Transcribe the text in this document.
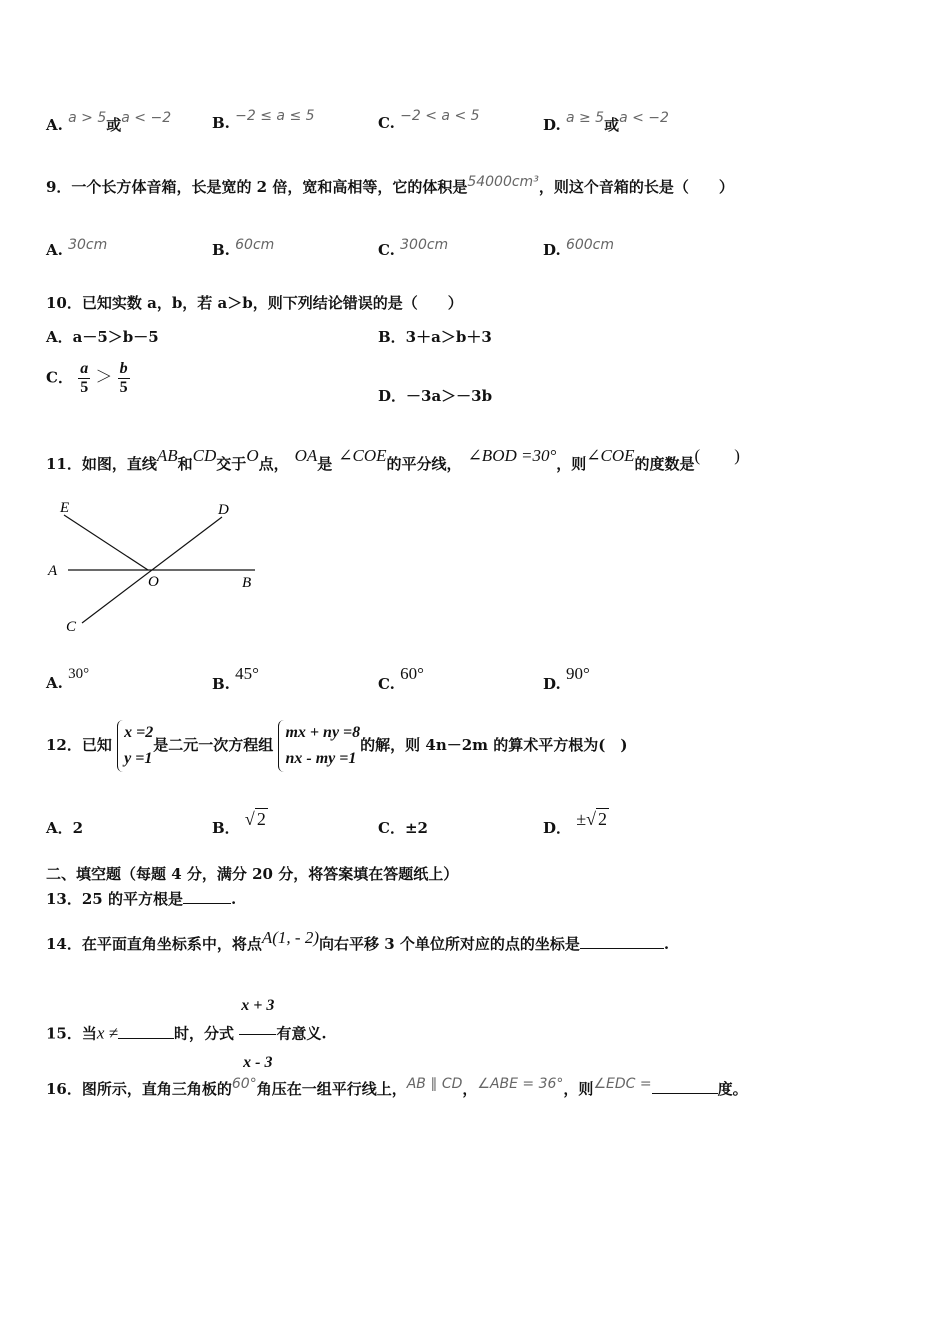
A. a > 5或a < −2	B. −2 ≤ a ≤ 5	C. −2 < a < 5	D. a ≥ 5或a < −2
9．一个长方体音箱，长是宽的 2 倍，宽和高相等，它的体积是54000cm³，则这个音箱的长是（　　）
A. 30cm	B. 60cm	C. 300cm	D. 600cm
10．已知实数 a，b，若 a＞b，则下列结论错误的是（　　）
A．a－5＞b－5	B．3＋a＞b＋3
C． $\frac{a}{5} > \frac{b}{5}$	D．－3a＞－3b
11．如图，直线AB和CD交于O点， OA是 ∠COE的平分线， ∠BOD =30°，则∠COE的度数是(　　)
E	D
A
O	B
C
A. 30°
B. 45°
C. 60°
D. 90°
12．已知
x =2
y =1
是二元一次方程组
mx + ny =8
nx - my =1
的解，则 4n－2m 的算术平方根为(　)
A．2	B． √ 2	C．±2	D． ±√ 2
二、填空题（每题 4 分，满分 20 分，将答案填在答题纸上）
13．25 的平方根是	.
14．在平面直角坐标系中，将点A(1, - 2)向右平移 3 个单位所对应的点的坐标是	.
15．当x ≠	时，分式 $\frac{x + 3}{x - 3}$ 有意义.
16．图所示，直角三角板的60°角压在一组平行线上，AB ∥ CD，∠ABE = 36°，则∠EDC =	度。
